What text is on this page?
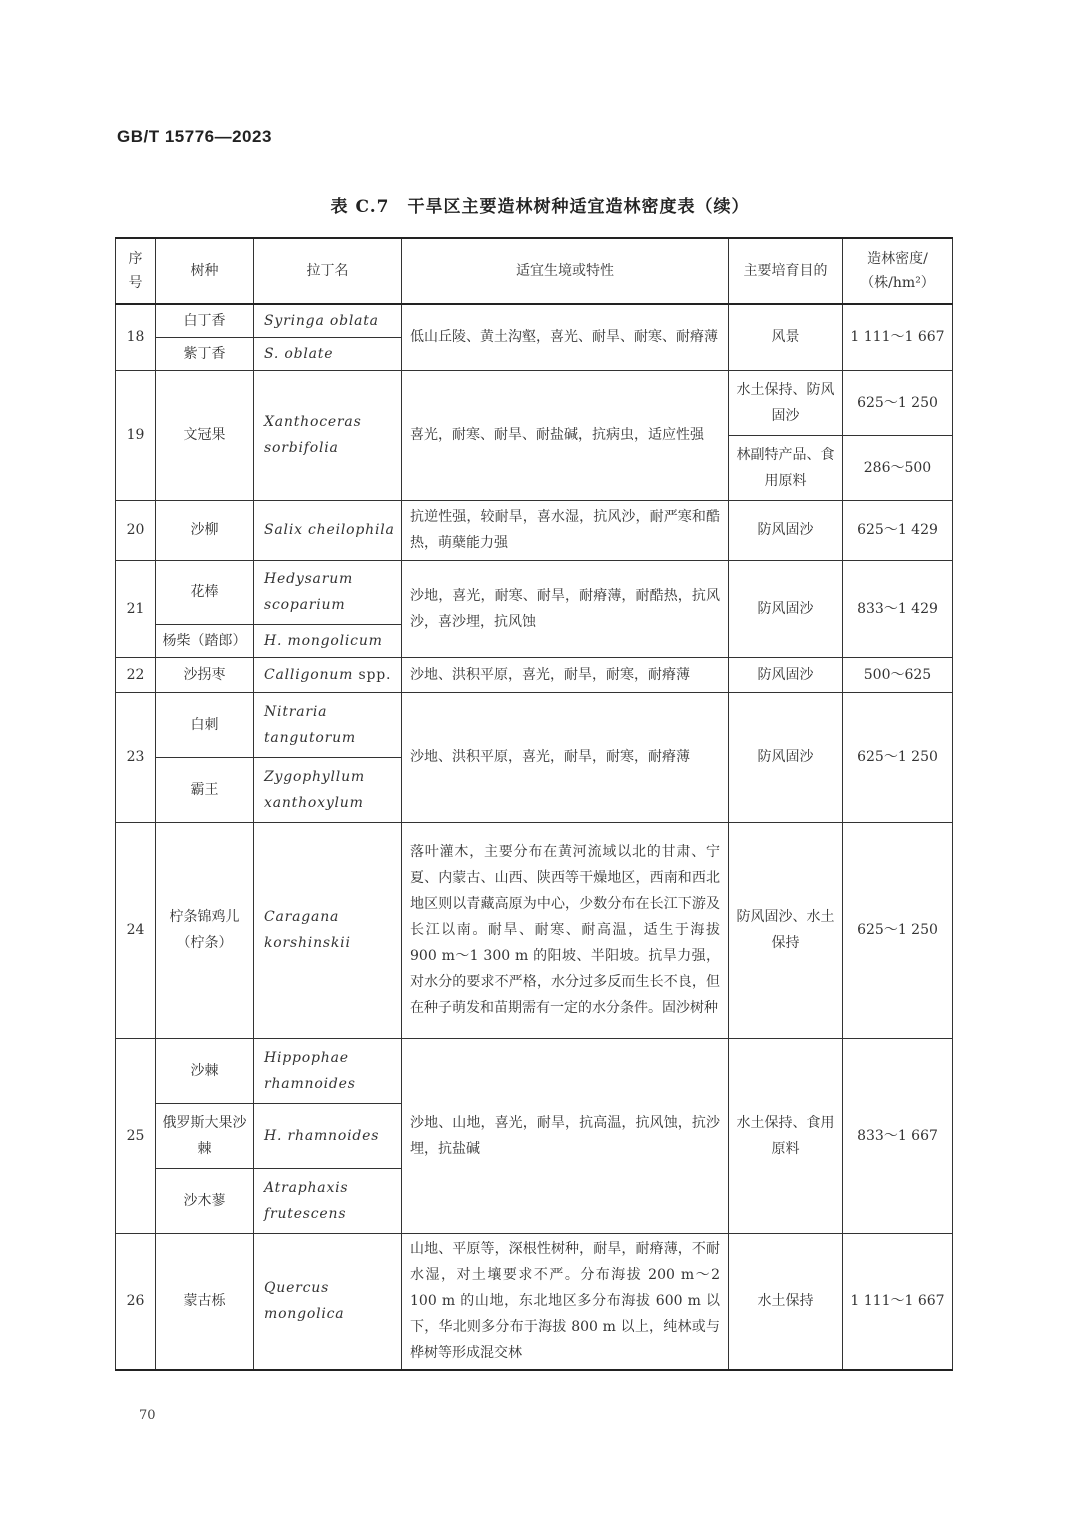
GB/T 15776—2023
表 C.7　干旱区主要造林树种适宜造林密度表（续）
序号	树种	拉丁名	适宜生境或特性	主要培育目的	造林密度/（株/hm²）
18	白丁香	Syringa oblata	低山丘陵、黄土沟壑，喜光、耐旱、耐寒、耐瘠薄	风景	1 111～1 667
	紫丁香	S. oblate			
19	文冠果	Xanthoceras sorbifolia	喜光，耐寒、耐旱、耐盐碱，抗病虫，适应性强	水土保持、防风固沙	625～1 250
				林副特产品、食用原料	286～500
20	沙柳	Salix cheilophila	抗逆性强，较耐旱，喜水湿，抗风沙，耐严寒和酷热，萌蘖能力强	防风固沙	625～1 429
21	花棒	Hedysarum scoparium	沙地，喜光，耐寒、耐旱，耐瘠薄，耐酷热，抗风沙，喜沙埋，抗风蚀	防风固沙	833～1 429
	杨柴（踏郎）	H. mongolicum			
22	沙拐枣	Calligonum spp.	沙地、洪积平原，喜光，耐旱，耐寒，耐瘠薄	防风固沙	500～625
23	白刺	Nitraria tangutorum	沙地、洪积平原，喜光，耐旱，耐寒，耐瘠薄	防风固沙	625～1 250
	霸王	Zygophyllum xanthoxylum			
24	柠条锦鸡儿（柠条）	Caragana korshinskii	落叶灌木，主要分布在黄河流域以北的甘肃、宁夏、内蒙古、山西、陕西等干燥地区，西南和西北地区则以青藏高原为中心，少数分布在长江下游及长江以南。耐旱、耐寒、耐高温，适生于海拔 900 m～1 300 m 的阳坡、半阳坡。抗旱力强，对水分的要求不严格，水分过多反而生长不良，但在种子萌发和苗期需有一定的水分条件。固沙树种	防风固沙、水土保持	625～1 250
25	沙棘	Hippophae rhamnoides	沙地、山地，喜光，耐旱，抗高温，抗风蚀，抗沙埋，抗盐碱	水土保持、食用原料	833～1 667
	俄罗斯大果沙棘	H. rhamnoides			
	沙木蓼	Atraphaxis frutescens			
26	蒙古栎	Quercus mongolica	山地、平原等，深根性树种，耐旱，耐瘠薄，不耐水湿，对土壤要求不严。分布海拔 200 m～2 100 m 的山地，东北地区多分布海拔 600 m 以下，华北则多分布于海拔 800 m 以上，纯林或与桦树等形成混交林	水土保持	1 111～1 667
70
